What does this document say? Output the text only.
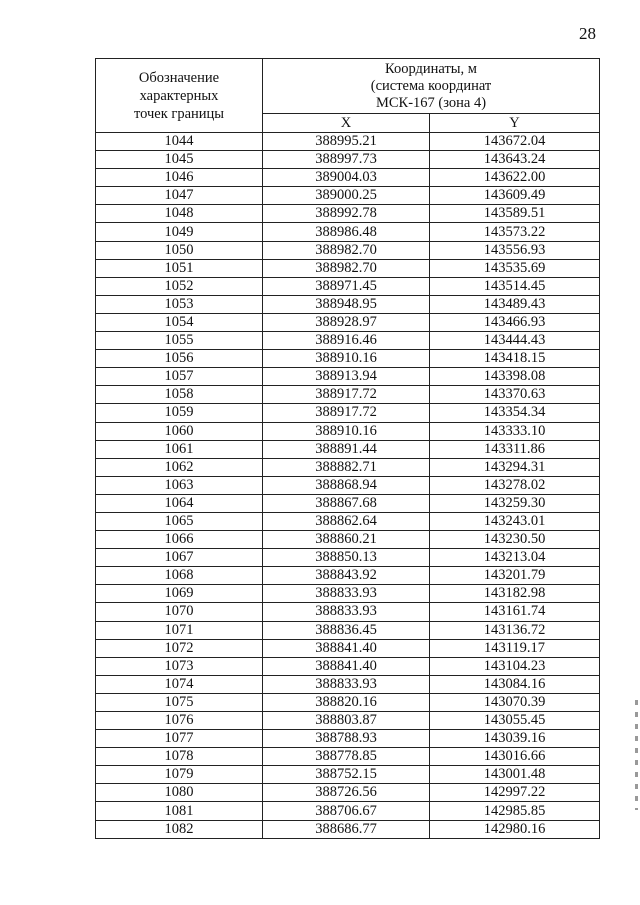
28
Обозначение
характерных
точек границы	Координаты, м
(система координат
МСК-167 (зона 4)	

	X	Y
1044	388995.21	143672.04
1045	388997.73	143643.24
1046	389004.03	143622.00
1047	389000.25	143609.49
1048	388992.78	143589.51
1049	388986.48	143573.22
1050	388982.70	143556.93
1051	388982.70	143535.69
1052	388971.45	143514.45
1053	388948.95	143489.43
1054	388928.97	143466.93
1055	388916.46	143444.43
1056	388910.16	143418.15
1057	388913.94	143398.08
1058	388917.72	143370.63
1059	388917.72	143354.34
1060	388910.16	143333.10
1061	388891.44	143311.86
1062	388882.71	143294.31
1063	388868.94	143278.02
1064	388867.68	143259.30
1065	388862.64	143243.01
1066	388860.21	143230.50
1067	388850.13	143213.04
1068	388843.92	143201.79
1069	388833.93	143182.98
1070	388833.93	143161.74
1071	388836.45	143136.72
1072	388841.40	143119.17
1073	388841.40	143104.23
1074	388833.93	143084.16
1075	388820.16	143070.39
1076	388803.87	143055.45
1077	388788.93	143039.16
1078	388778.85	143016.66
1079	388752.15	143001.48
1080	388726.56	142997.22
1081	388706.67	142985.85
1082	388686.77	142980.16
